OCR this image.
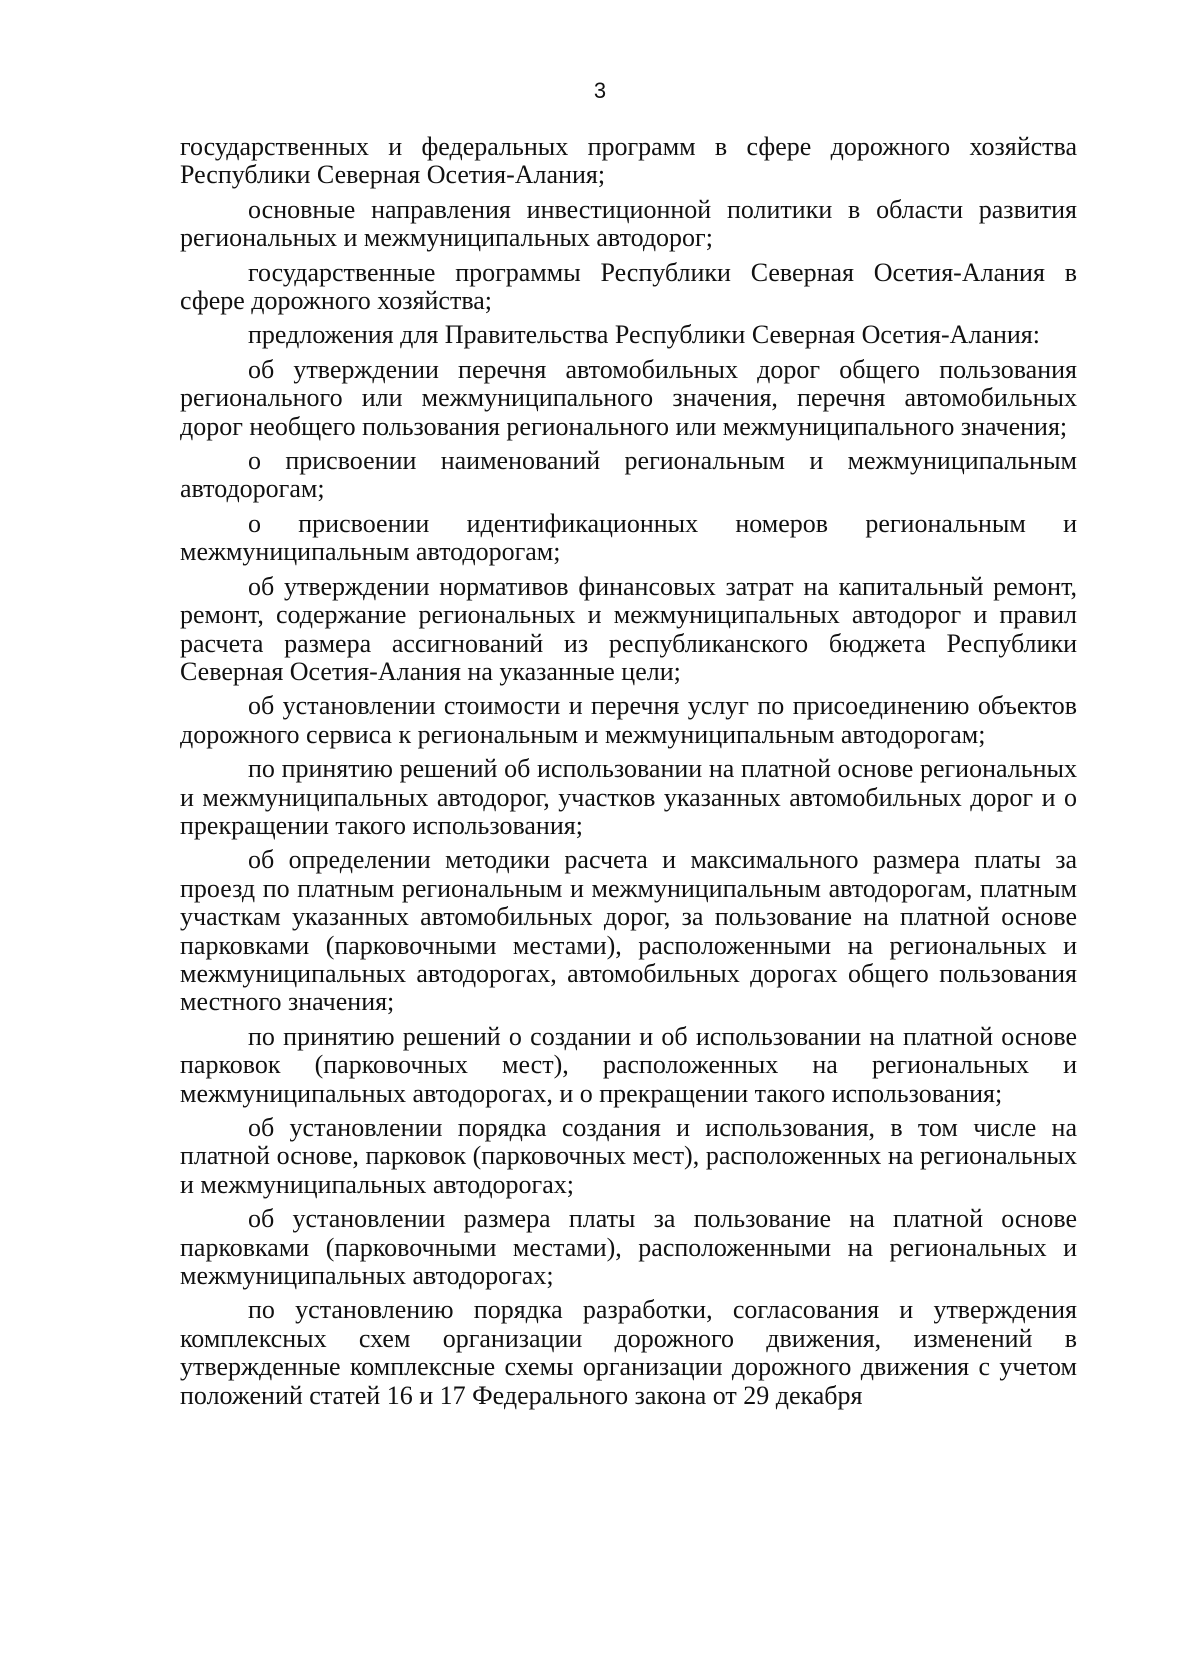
3

государственных и федеральных программ в сфере дорожного хозяйства Республики Северная Осетия-Алания;

основные направления инвестиционной политики в области развития региональных и межмуниципальных автодорог;

государственные программы Республики Северная Осетия-Алания в сфере дорожного хозяйства;

предложения для Правительства Республики Северная Осетия-Алания:

об утверждении перечня автомобильных дорог общего пользования регионального или межмуниципального значения, перечня автомобильных дорог необщего пользования регионального или межмуниципального значения;

о присвоении наименований региональным и межмуниципальным автодорогам;

о присвоении идентификационных номеров региональным и межмуниципальным автодорогам;

об утверждении нормативов финансовых затрат на капитальный ремонт, ремонт, содержание региональных и межмуниципальных автодорог и правил расчета размера ассигнований из республиканского бюджета Республики Северная Осетия-Алания на указанные цели;

об установлении стоимости и перечня услуг по присоединению объектов дорожного сервиса к региональным и межмуниципальным автодорогам;

по принятию решений об использовании на платной основе региональных и межмуниципальных автодорог, участков указанных автомобильных дорог и о прекращении такого использования;

об определении методики расчета и максимального размера платы за проезд по платным региональным и межмуниципальным автодорогам, платным участкам указанных автомобильных дорог, за пользование на платной основе парковками (парковочными местами), расположенными на региональных и межмуниципальных автодорогах, автомобильных дорогах общего пользования местного значения;

по принятию решений о создании и об использовании на платной основе парковок (парковочных мест), расположенных на региональных и межмуниципальных автодорогах, и о прекращении такого использования;

об установлении порядка создания и использования, в том числе на платной основе, парковок (парковочных мест), расположенных на региональных и межмуниципальных автодорогах;

об установлении размера платы за пользование на платной основе парковками (парковочными местами), расположенными на региональных и межмуниципальных автодорогах;

по установлению порядка разработки, согласования и утверждения комплексных схем организации дорожного движения, изменений в утвержденные комплексные схемы организации дорожного движения с учетом положений статей 16 и 17 Федерального закона от 29 декабря
